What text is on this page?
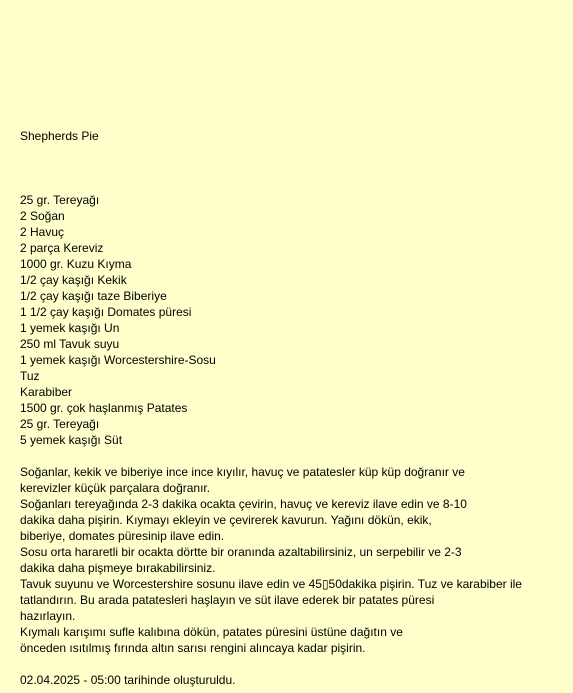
Shepherds Pie
25 gr. Tereyağı
2 Soğan
2 Havuç
2 parça Kereviz
1000 gr. Kuzu Kıyma
1/2 çay kaşığı Kekik
1/2 çay kaşığı taze Biberiye
1 1/2 çay kaşığı Domates püresi
1 yemek kaşığı Un
250 ml Tavuk suyu
1 yemek kaşığı Worcestershire-Sosu
Tuz
Karabiber
1500 gr. çok haşlanmış Patates
25 gr. Tereyağı
5 yemek kaşığı Süt
Soğanlar, kekik ve biberiye ince ince kıyılır, havuç ve patatesler küp küp doğranır ve
kerevizler küçük parçalara doğranır.
Soğanları tereyağında 2-3 dakika ocakta çevirin, havuç ve kereviz ilave edin ve 8-10
dakika daha pişirin. Kıymayı ekleyin ve çevirerek kavurun. Yağını dökün, ekik,
biberiye, domates püresinip ilave edin.
Sosu orta hararetli bir ocakta dörtte bir oranında azaltabilirsiniz, un serpebilir ve 2-3
dakika daha pişmeye bırakabilirsiniz.
Tavuk suyunu ve Worcestershire sosunu ilave edin ve 45▯50dakika pişirin. Tuz ve karabiber ile
tatlandırın. Bu arada patatesleri haşlayın ve süt ilave ederek bir patates püresi
hazırlayın.
Kıymalı karışımı sufle kalıbına dökün, patates püresini üstüne dağıtın ve
önceden ısıtılmış fırında altın sarısı rengini alıncaya kadar pişirin.
02.04.2025 - 05:00 tarihinde oluşturuldu.
